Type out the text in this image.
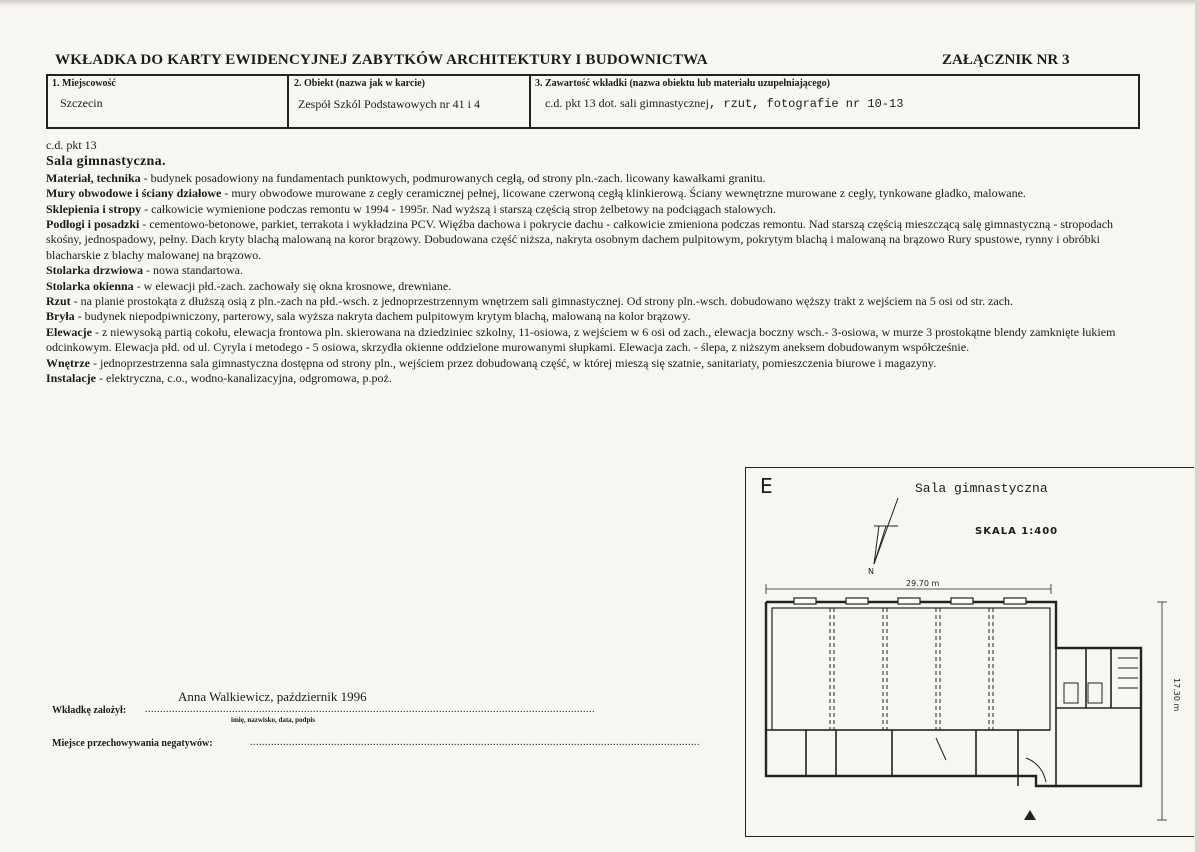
WKŁADKA DO KARTY EWIDENCYJNEJ ZABYTKÓW ARCHITEKTURY I BUDOWNICTWA	ZAŁĄCZNIK NR 3
1. Miejscowość
Szczecin
2. Obiekt (nazwa jak w karcie)
Zespół Szkól Podstawowych nr 41 i 4
3. Zawartość wkładki (nazwa obiektu lub materiału uzupełniającego)
c.d. pkt 13 dot. sali gimnastycznej, rzut, fotografie nr 10-13

c.d. pkt 13

Sala gimnastyczna.

Materiał, technika - budynek posadowiony na fundamentach punktowych, podmurowanych cegłą, od strony pln.-zach. licowany kawałkami granitu.

Mury obwodowe i ściany działowe - mury obwodowe murowane z cegły ceramicznej pełnej, licowane czerwoną cegłą klinkierową. Ściany wewnętrzne murowane z cegły, tynkowane gładko, malowane.

Sklepienia i stropy - całkowicie wymienione podczas remontu w 1994 - 1995r. Nad wyższą i starszą częścią strop żelbetowy na podciągach stalowych.

Podłogi i posadzki - cementowo-betonowe, parkiet, terrakota i wykładzina PCV. Więźba dachowa i pokrycie dachu - całkowicie zmieniona podczas remontu. Nad starszą częścią mieszczącą salę gimnastyczną - stropodach skośny, jednospadowy, pełny. Dach kryty blachą malowaną na koror brązowy. Dobudowana część niższa, nakryta osobnym dachem pulpitowym, pokrytym blachą i malowaną na brązowo Rury spustowe, rynny i obróbki blacharskie z blachy malowanej na brązowo.

Stolarka drzwiowa - nowa standartowa.

Stolarka okienna - w elewacji płd.-zach. zachowały się okna krosnowe, drewniane.

Rzut - na planie prostokąta z dłuższą osią z pln.-zach na płd.-wsch. z jednoprzestrzennym wnętrzem sali gimnastycznej. Od strony pln.-wsch. dobudowano węższy trakt z wejściem na 5 osi od str. zach.

Bryła - budynek niepodpiwniczony, parterowy, sala wyższa nakryta dachem pulpitowym krytym blachą, malowaną na kolor brązowy.

Elewacje - z niewysoką partią cokołu, elewacja frontowa pln. skierowana na dziedziniec szkolny, 11-osiowa, z wejściem w 6 osi od zach., elewacja boczny wsch.- 3-osiowa, w murze 3 prostokątne blendy zamknięte łukiem odcinkowym. Elewacja płd. od ul. Cyryla i metodego - 5 osiowa, skrzydła okienne oddzielone murowanymi słupkami. Elewacja zach. - ślepa, z niższym aneksem dobudowanym współcześnie.

Wnętrze - jednoprzestrzenna sala gimnastyczna dostępna od strony pln., wejściem przez dobudowaną część, w której mieszą się szatnie, sanitariaty, pomieszczenia biurowe i magazyny.

Instalacje - elektryczna, c.o., wodno-kanalizacyjna, odgromowa, p.poż.

Anna Walkiewicz, październik 1996
Wkładkę założył: ......................................................................................................................................................
imię, nazwisko, data, podpis
Miejsce przechowywania negatywów:	......................................................................................................................................................
E	Sala gimnastyczna
SKALA 1:400
N
29.70 m
17.30 m
